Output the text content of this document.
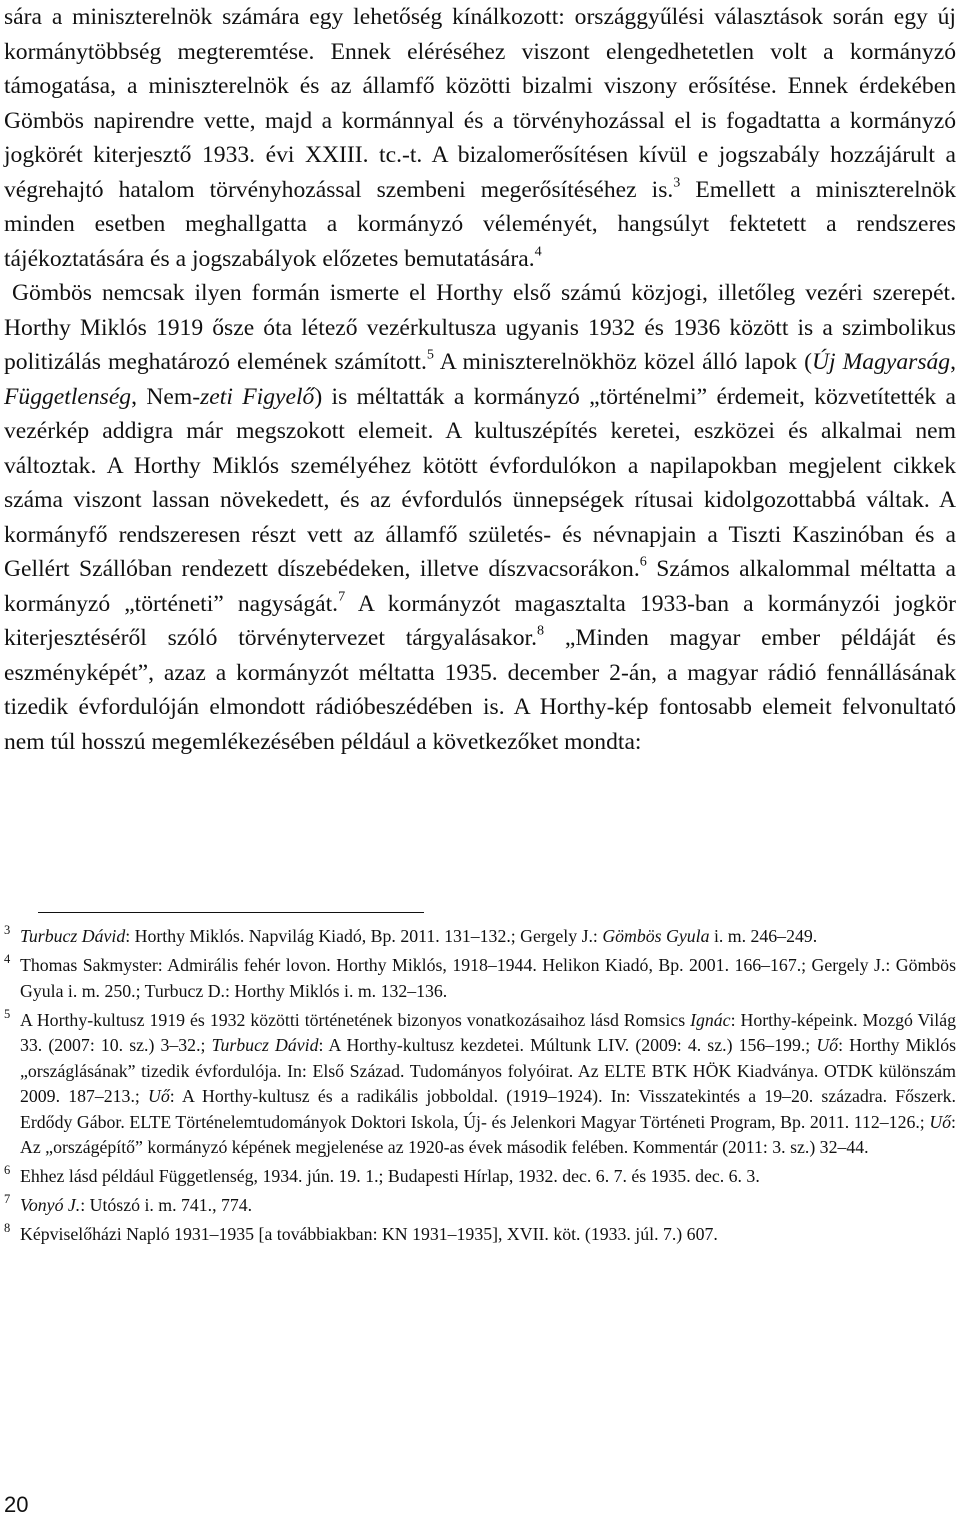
sára a miniszterelnök számára egy lehetőség kínálkozott: országgyűlési választások során egy új kormánytöbbség megteremtése. Ennek eléréséhez viszont elengedhetetlen volt a kormányzó támogatása, a miniszterelnök és az államfő közötti bizalmi viszony erősítése. Ennek érdekében Gömbös napirendre vette, majd a kormánnyal és a törvényhozással el is fogadtatta a kormányzó jogkörét kiterjesztő 1933. évi XXIII. tc.-t. A bizalomerősítésen kívül e jogszabály hozzájárult a végrehajtó hatalom törvényhozással szembeni megerősítéséhez is.$^3$ Emellett a miniszterelnök minden esetben meghallgatta a kormányzó véleményét, hangsúlyt fektetett a rendszeres tájékoztatására és a jogszabályok előzetes bemutatására.$^4$

Gömbös nemcsak ilyen formán ismerte el Horthy első számú közjogi, illetőleg vezéri szerepét. Horthy Miklós 1919 ősze óta létező vezérkultusza ugyanis 1932 és 1936 között is a szimbolikus politizálás meghatározó elemének számított.$^5$ A miniszterelnökhöz közel álló lapok (Új Magyarság, Függetlenség, Nem-zeti Figyelő) is méltatták a kormányzó „történelmi” érdemeit, közvetítették a vezérkép addigra már megszokott elemeit. A kultuszépítés keretei, eszközei és alkalmai nem változtak. A Horthy Miklós személyéhez kötött évfordulókon a napilapokban megjelent cikkek száma viszont lassan növekedett, és az évfordulós ünnepségek rítusai kidolgozottabbá váltak. A kormányfő rendszeresen részt vett az államfő születés- és névnapjain a Tiszti Kaszinóban és a Gellért Szállóban rendezett díszebédeken, illetve díszvacsorákon.$^6$ Számos alkalommal méltatta a kormányzó „történeti” nagyságát.$^7$ A kormányzót magasztalta 1933-ban a kormányzói jogkör kiterjesztéséről szóló törvénytervezet tárgyalásakor.$^8$ „Minden magyar ember példáját és eszményképét”, azaz a kormányzót méltatta 1935. december 2-án, a magyar rádió fennállásának tizedik évfordulóján elmondott rádióbeszédében is. A Horthy-kép fontosabb elemeit felvonultató nem túl hosszú megemlékezésében például a következőket mondta:

3 Turbucz Dávid: Horthy Miklós. Napvilág Kiadó, Bp. 2011. 131–132.; Gergely J.: Gömbös Gyula i. m. 246–249.
4 Thomas Sakmyster: Admirális fehér lovon. Horthy Miklós, 1918–1944. Helikon Kiadó, Bp. 2001. 166–167.; Gergely J.: Gömbös Gyula i. m. 250.; Turbucz D.: Horthy Miklós i. m. 132–136.
5 A Horthy-kultusz 1919 és 1932 közötti történetének bizonyos vonatkozásaihoz lásd Romsics Ignác: Horthy-képeink. Mozgó Világ 33. (2007: 10. sz.) 3–32.; Turbucz Dávid: A Horthy-kultusz kezdetei. Múltunk LIV. (2009: 4. sz.) 156–199.; Uő: Horthy Miklós „országlásának” tizedik évfordulója. In: Első Század. Tudományos folyóirat. Az ELTE BTK HÖK Kiadványa. OTDK különszám 2009. 187–213.; Uő: A Horthy-kultusz és a radikális jobboldal. (1919–1924). In: Visszatekintés a 19–20. századra. Főszerk. Erdődy Gábor. ELTE Történelemtudományok Doktori Iskola, Új- és Jelenkori Magyar Történeti Program, Bp. 2011. 112–126.; Uő: Az „országépítő” kormányzó képének megjelenése az 1920-as évek második felében. Kommentár (2011: 3. sz.) 32–44.
6 Ehhez lásd például Függetlenség, 1934. jún. 19. 1.; Budapesti Hírlap, 1932. dec. 6. 7. és 1935. dec. 6. 3.
7 Vonyó J.: Utószó i. m. 741., 774.
8 Képviselőházi Napló 1931–1935 [a továbbiakban: KN 1931–1935], XVII. köt. (1933. júl. 7.) 607.
20
